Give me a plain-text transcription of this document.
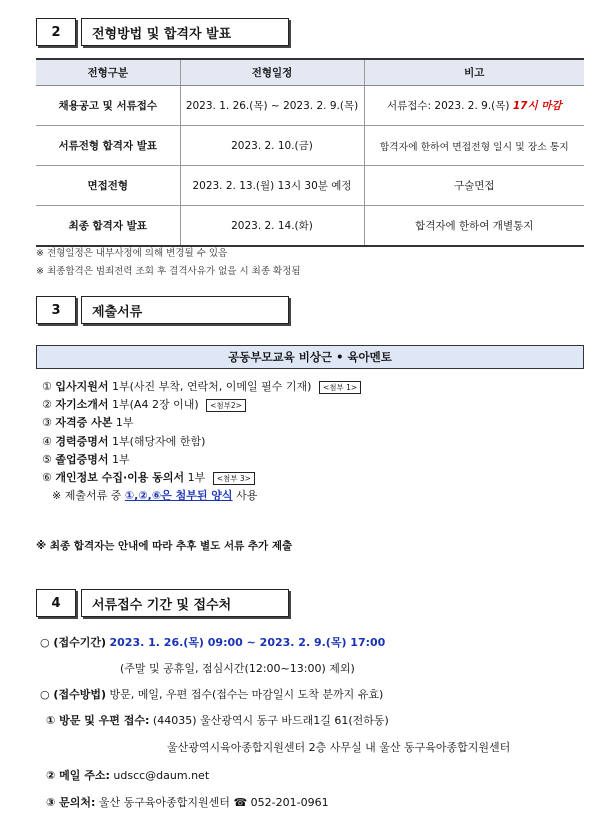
2	전형방법 및 합격자 발표
전형구분	전형일정	비고
채용공고 및 서류접수	2023. 1. 26.(목) ~ 2023. 2. 9.(목)	서류접수: 2023. 2. 9.(목) 17시 마감
서류전형 합격자 발표	2023. 2. 10.(금)	합격자에 한하여 면접전형 일시 및 장소 통지
면접전형	2023. 2. 13.(월) 13시 30분 예정	구술면접
최종 합격자 발표	2023. 2. 14.(화)	합격자에 한하여 개별통지
※ 전형일정은 내부사정에 의해 변경될 수 있음
※ 최종합격은 범죄전력 조회 후 결격사유가 없을 시 최종 확정됨
3	제출서류
공동부모교육 비상근 • 육아멘토
① 입사지원서 1부(사진 부착, 연락처, 이메일 필수 기재) <첨부 1>
② 자기소개서 1부(A4 2장 이내) <첨부2>
③ 자격증 사본 1부
④ 경력증명서 1부(해당자에 한함)
⑤ 졸업증명서 1부
⑥ 개인정보 수집·이용 동의서 1부 <첨부 3>
※ 제출서류 중 ①,②,⑥은 첨부된 양식 사용
※ 최종 합격자는 안내에 따라 추후 별도 서류 추가 제출
4	서류접수 기간 및 접수처
○ (접수기간) 2023. 1. 26.(목) 09:00 ~ 2023. 2. 9.(목) 17:00
(주말 및 공휴일, 점심시간(12:00~13:00) 제외)
○ (접수방법) 방문, 메일, 우편 접수(접수는 마감일시 도착 분까지 유효)
① 방문 및 우편 접수: (44035) 울산광역시 동구 바드래1길 61(전하동)
울산광역시육아종합지원센터 2층 사무실 내 울산 동구육아종합지원센터
② 메일 주소: udscc@daum.net
③ 문의처: 울산 동구육아종합지원센터 ☎ 052-201-0961
